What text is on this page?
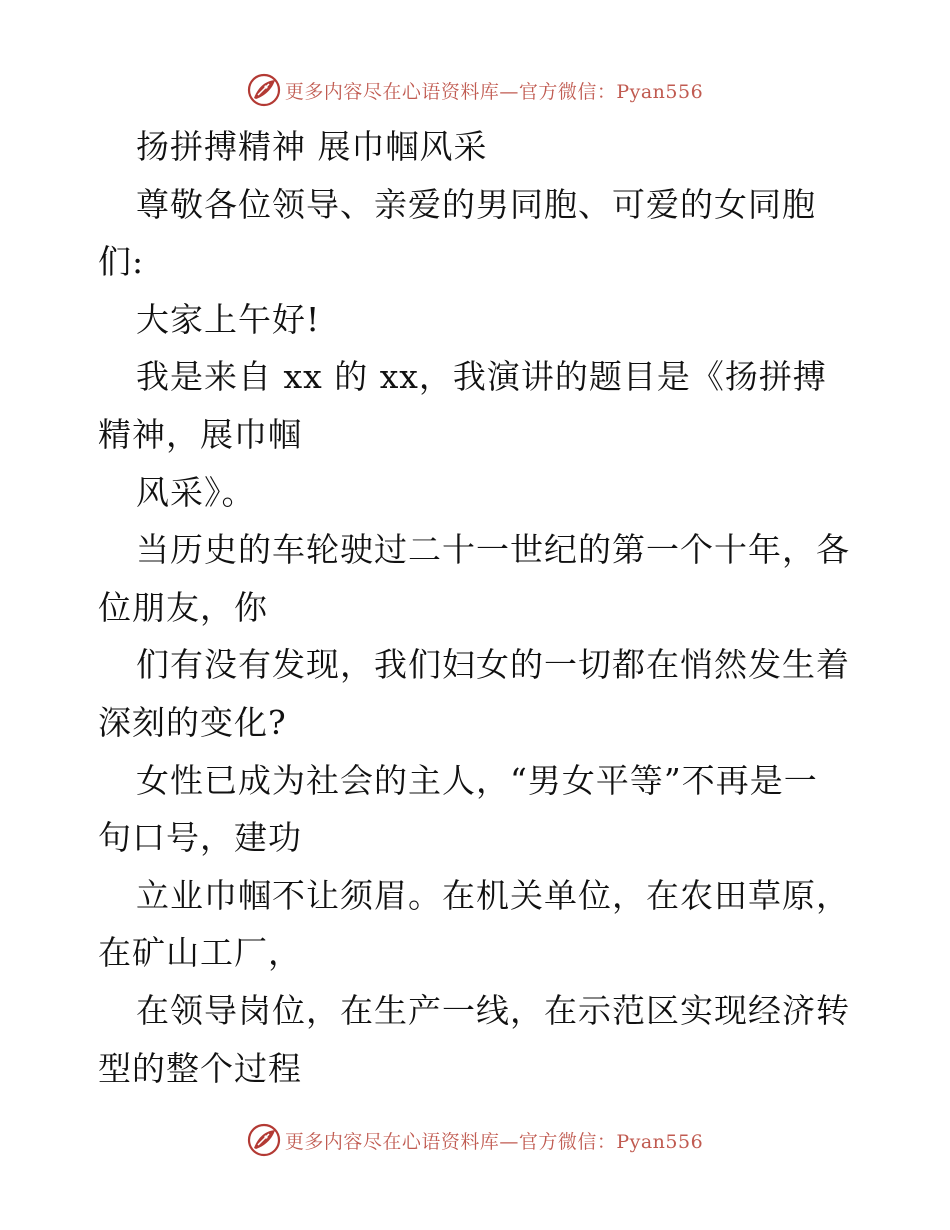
更多内容尽在心语资料库—官方微信：Pyan556
扬拼搏精神 展巾帼风采
尊敬各位领导、亲爱的男同胞、可爱的女同胞
们:
大家上午好!
我是来自 xx 的 xx，我演讲的题目是《扬拼搏
精神，展巾帼
风采》。
当历史的车轮驶过二十一世纪的第一个十年，各
位朋友，你
们有没有发现，我们妇女的一切都在悄然发生着
深刻的变化?
女性已成为社会的主人，“男女平等”不再是一
句口号，建功
立业巾帼不让须眉。在机关单位，在农田草原，
在矿山工厂，
在领导岗位，在生产一线，在示范区实现经济转
型的整个过程
更多内容尽在心语资料库—官方微信：Pyan556
